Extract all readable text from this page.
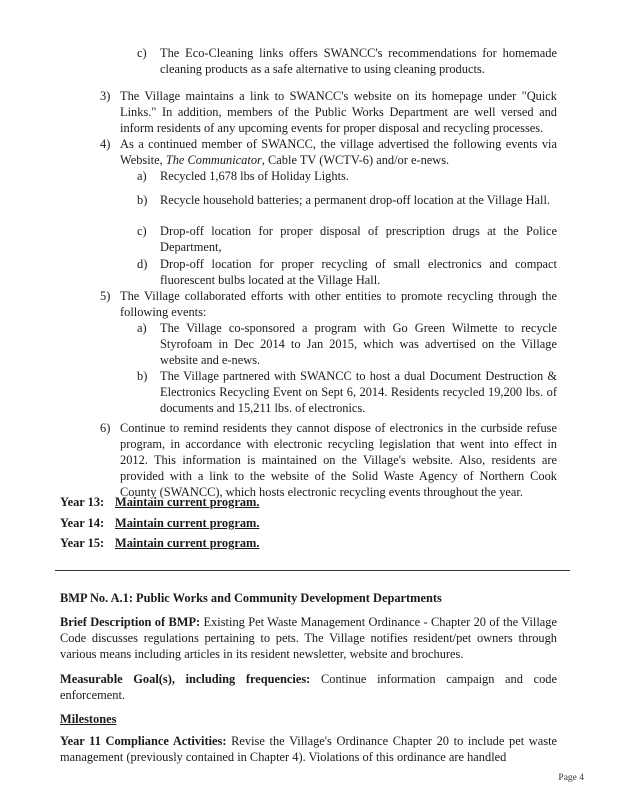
c) The Eco-Cleaning links offers SWANCC's recommendations for homemade cleaning products as a safe alternative to using cleaning products.
3) The Village maintains a link to SWANCC's website on its homepage under "Quick Links." In addition, members of the Public Works Department are well versed and inform residents of any upcoming events for proper disposal and recycling processes.
4) As a continued member of SWANCC, the village advertised the following events via Website, The Communicator, Cable TV (WCTV-6) and/or e-news.
a) Recycled 1,678 lbs of Holiday Lights.
b) Recycle household batteries; a permanent drop-off location at the Village Hall.
c) Drop-off location for proper disposal of prescription drugs at the Police Department,
d) Drop-off location for proper recycling of small electronics and compact fluorescent bulbs located at the Village Hall.
5) The Village collaborated efforts with other entities to promote recycling through the following events:
a) The Village co-sponsored a program with Go Green Wilmette to recycle Styrofoam in Dec 2014 to Jan 2015, which was advertised on the Village website and e-news.
b) The Village partnered with SWANCC to host a dual Document Destruction & Electronics Recycling Event on Sept 6, 2014. Residents recycled 19,200 lbs. of documents and 15,211 lbs. of electronics.
6) Continue to remind residents they cannot dispose of electronics in the curbside refuse program, in accordance with electronic recycling legislation that went into effect in 2012. This information is maintained on the Village's website. Also, residents are provided with a link to the website of the Solid Waste Agency of Northern Cook County (SWANCC), which hosts electronic recycling events throughout the year.
Year 13: Maintain current program.
Year 14: Maintain current program.
Year 15: Maintain current program.
BMP No. A.1: Public Works and Community Development Departments
Brief Description of BMP: Existing Pet Waste Management Ordinance - Chapter 20 of the Village Code discusses regulations pertaining to pets. The Village notifies resident/pet owners through various means including articles in its resident newsletter, website and brochures.
Measurable Goal(s), including frequencies: Continue information campaign and code enforcement.
Milestones
Year 11 Compliance Activities: Revise the Village's Ordinance Chapter 20 to include pet waste management (previously contained in Chapter 4). Violations of this ordinance are handled
Page 4
